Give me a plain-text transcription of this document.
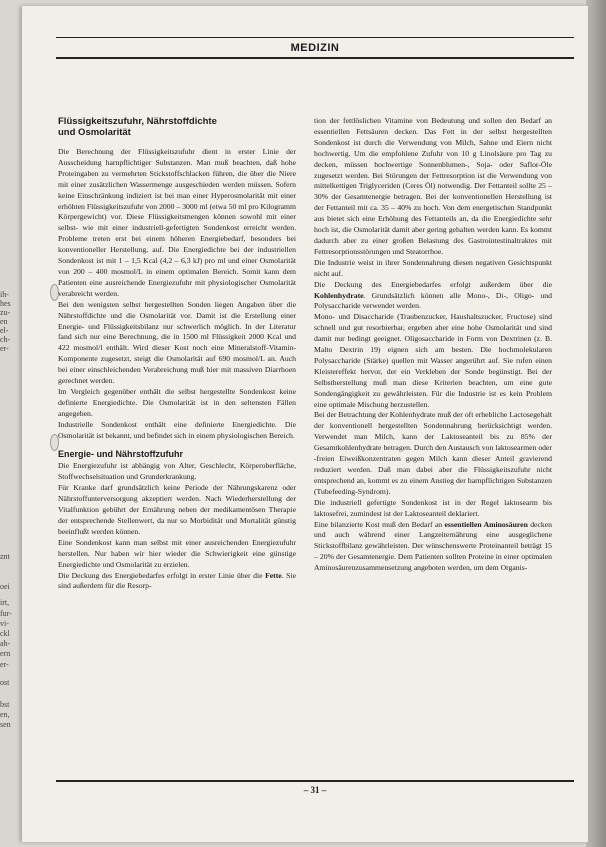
ih-
hes
zu-
en
el-
ch-
er-
znt
oei
irt,
fur-
vi-
ckl
ah-
ern
er-
ost
bst
en,
sen
MEDIZIN
Flüssigkeitszufuhr, Nährstoffdichte
und Osmolarität

Die Berechnung der Flüssigkeitszufuhr dient in erster Linie der Ausscheidung harnpflichtiger Substanzen. Man muß beachten, daß hohe Proteingaben zu vermehrten Stickstoffschlacken führen, die über die Niere mit einer zusätzlichen Wassermenge ausgeschieden werden müssen. Sofern keine Einschränkung indiziert ist bei man einer Hyperosmolarität mit einer erhöhten Flüssigkeitszufuhr von 2000 – 3000 ml (etwa 50 ml pro Kilogramm Körpergewicht) vor. Diese Flüssigkeitsmengen können sowohl mit einer selbst- wie mit einer industriell-gefertigten Sondenkost erreicht werden. Probleme treten erst bei einem höheren Energiebedarf, besonders bei konventioneller Herstellung, auf. Die Energiedichte bei der industriellen Sondenkost ist mit 1 – 1,5 Kcal (4,2 – 6,3 kJ) pro ml und einer Osmolarität von 200 – 400 mosmol/L in einem optimalen Bereich. Somit kann dem Patienten eine ausreichende Energiezufuhr mit physiologischer Osmolarität verabreicht werden.

Bei den wenigsten selbst hergestellten Sonden liegen Angaben über die Nährstoffdichte und die Osmolarität vor. Damit ist die Erstellung einer Energie- und Flüssigkeitsbilanz nur schwerlich möglich. In der Literatur fand sich nur eine Berechnung, die in 1500 ml Flüssigkeit 2000 Kcal und 422 mosmol/l enthält. Wird dieser Kost noch eine Mineralstoff-Vitamin-Komponente zugesetzt, steigt die Osmolarität auf 690 mosmol/L an. Auch bei einer einschleichenden Verabreichung muß hier mit massiven Diarrhoen gerechnet werden.

Im Vergleich gegenüber enthält die selbst hergestellte Sondenkost keine definierte Energiedichte. Die Osmolarität ist in den seltensten Fällen angegeben.

Industrielle Sondenkost enthält eine definierte Energiedichte. Die Osmolarität ist bekannt, und befindet sich in einem physiologischen Bereich.

Energie- und Nährstoffzufuhr

Die Energiezufuhr ist abhängig von Alter, Geschlecht, Körperoberfläche, Stoffwechselsituation und Grunderkrankung.

Für Kranke darf grundsätzlich keine Periode der Nährungskarenz oder Nährstoffunterversorgung akzeptiert werden. Nach Wiederherstellung der Vitalfunktion gebührt der Ernährung neben der medikamentösen Therapie der entsprechende Stellenwert, da nur so Morbidität und Mortalität günstig beeinflußt werden können.

Eine Sondenkost kann man selbst mit einer ausreichenden Energiezufuhr herstellen. Nur haben wir hier wieder die Schwierigkeit eine günstige Energiedichte und Osmolarität zu erzielen.

Die Deckung des Energiebedarfes erfolgt in erster Linie über die Fette. Sie sind außerdem für die Resorp-

tion der fettlöslichen Vitamine von Bedeutung und sollen den Bedarf an essentiellen Fettsäuren decken. Das Fett in der selbst hergestellten Sondenkost ist durch die Verwendung von Milch, Sahne und Eiern nicht hochwertig. Um die empfohlene Zufuhr von 10 g Linolsäure pro Tag zu decken, müssen hochwertige Sonnenblumen-, Soja- oder Saflor-Öle zugesetzt werden. Bei Störungen der Fettresorption ist die Verwendung von mittelkettigen Triglyceriden (Ceres Öl) notwendig. Der Fettanteil sollte 25 – 30% der Gesamtenergie betragen. Bei der konventionellen Herstellung ist der Fettanteil mit ca. 35 – 40% zu hoch. Von dem energetischen Standpunkt aus bietet sich eine Erhöhung des Fettanteils an, da die Energiedichte sehr hoch ist, die Osmolarität damit aber gering gehalten werden kann. Es kommt dadurch aber zu einer großen Belastung des Gastrointestinaltraktes mit Fettresorptionsstörungen und Steatorrhoe.

Die Industrie weist in ihrer Sondennahrung diesen negativen Gesichtspunkt nicht auf.

Die Deckung des Energiebedarfes erfolgt außerdem über die Kohlenhydrate. Grundsätzlich können alle Mono-, Di-, Oligo- und Polysaccharide verwendet werden.

Mono- und Disaccharide (Traubenzucker, Haushaltszucker, Fructose) sind schnell und gut resorbierbar, ergeben aber eine hohe Osmolarität und sind damit nur bedingt geeignet. Oligosaccharide in Form von Dextrinen (z. B. Malto Dextrin 19) eignen sich am besten. Die hochmolekularen Polysaccharide (Stärke) quellen mit Wasser angerührt auf. Sie rufen einen Kleistereffekt hervor, der ein Verkleben der Sonde begünstigt. Bei der Selbstherstellung muß man diese Kriterien beachten, um eine gute Sondengängigkeit zu gewährleisten. Für die Industrie ist es kein Problem eine optimale Mischung herzustellen.

Bei der Betrachtung der Kohlenhydrate muß der oft erhebliche Lactosegehalt der konventionell hergestellten Sondennahrung berücksichtigt werden. Verwendet man Milch, kann der Laktoseanteil bis zu 85% der Gesamtkohlenhydrate betragen. Durch den Austausch von laktosearmen oder -freien Eiweißkonzentraten gegen Milch kann dieser Anteil gravierend reduziert werden. Daß man dabei aber die Flüssigkeitszufuhr nicht entsprechend an, kommt es zu einem Anstieg der harnpflichtigen Substanzen (Tubefeeding-Syndrom).

Die industriell gefertigte Sondenkost ist in der Regel laktosearm bis laktosefrei, zumindest ist der Laktoseanteil deklariert.

Eine bilanzierte Kost muß den Bedarf an essentiellen Aminosäuren decken und auch während einer Langzeiternährung eine ausgeglichene Stickstoffbilanz gewährleisten. Der wünschenswerte Proteinanteil beträgt 15 – 20% der Gesamtenergie. Dem Patienten sollten Proteine in einer optimalen Aminosäurenzusammensetzung angeboten werden, um dem Organis-

– 31 –
